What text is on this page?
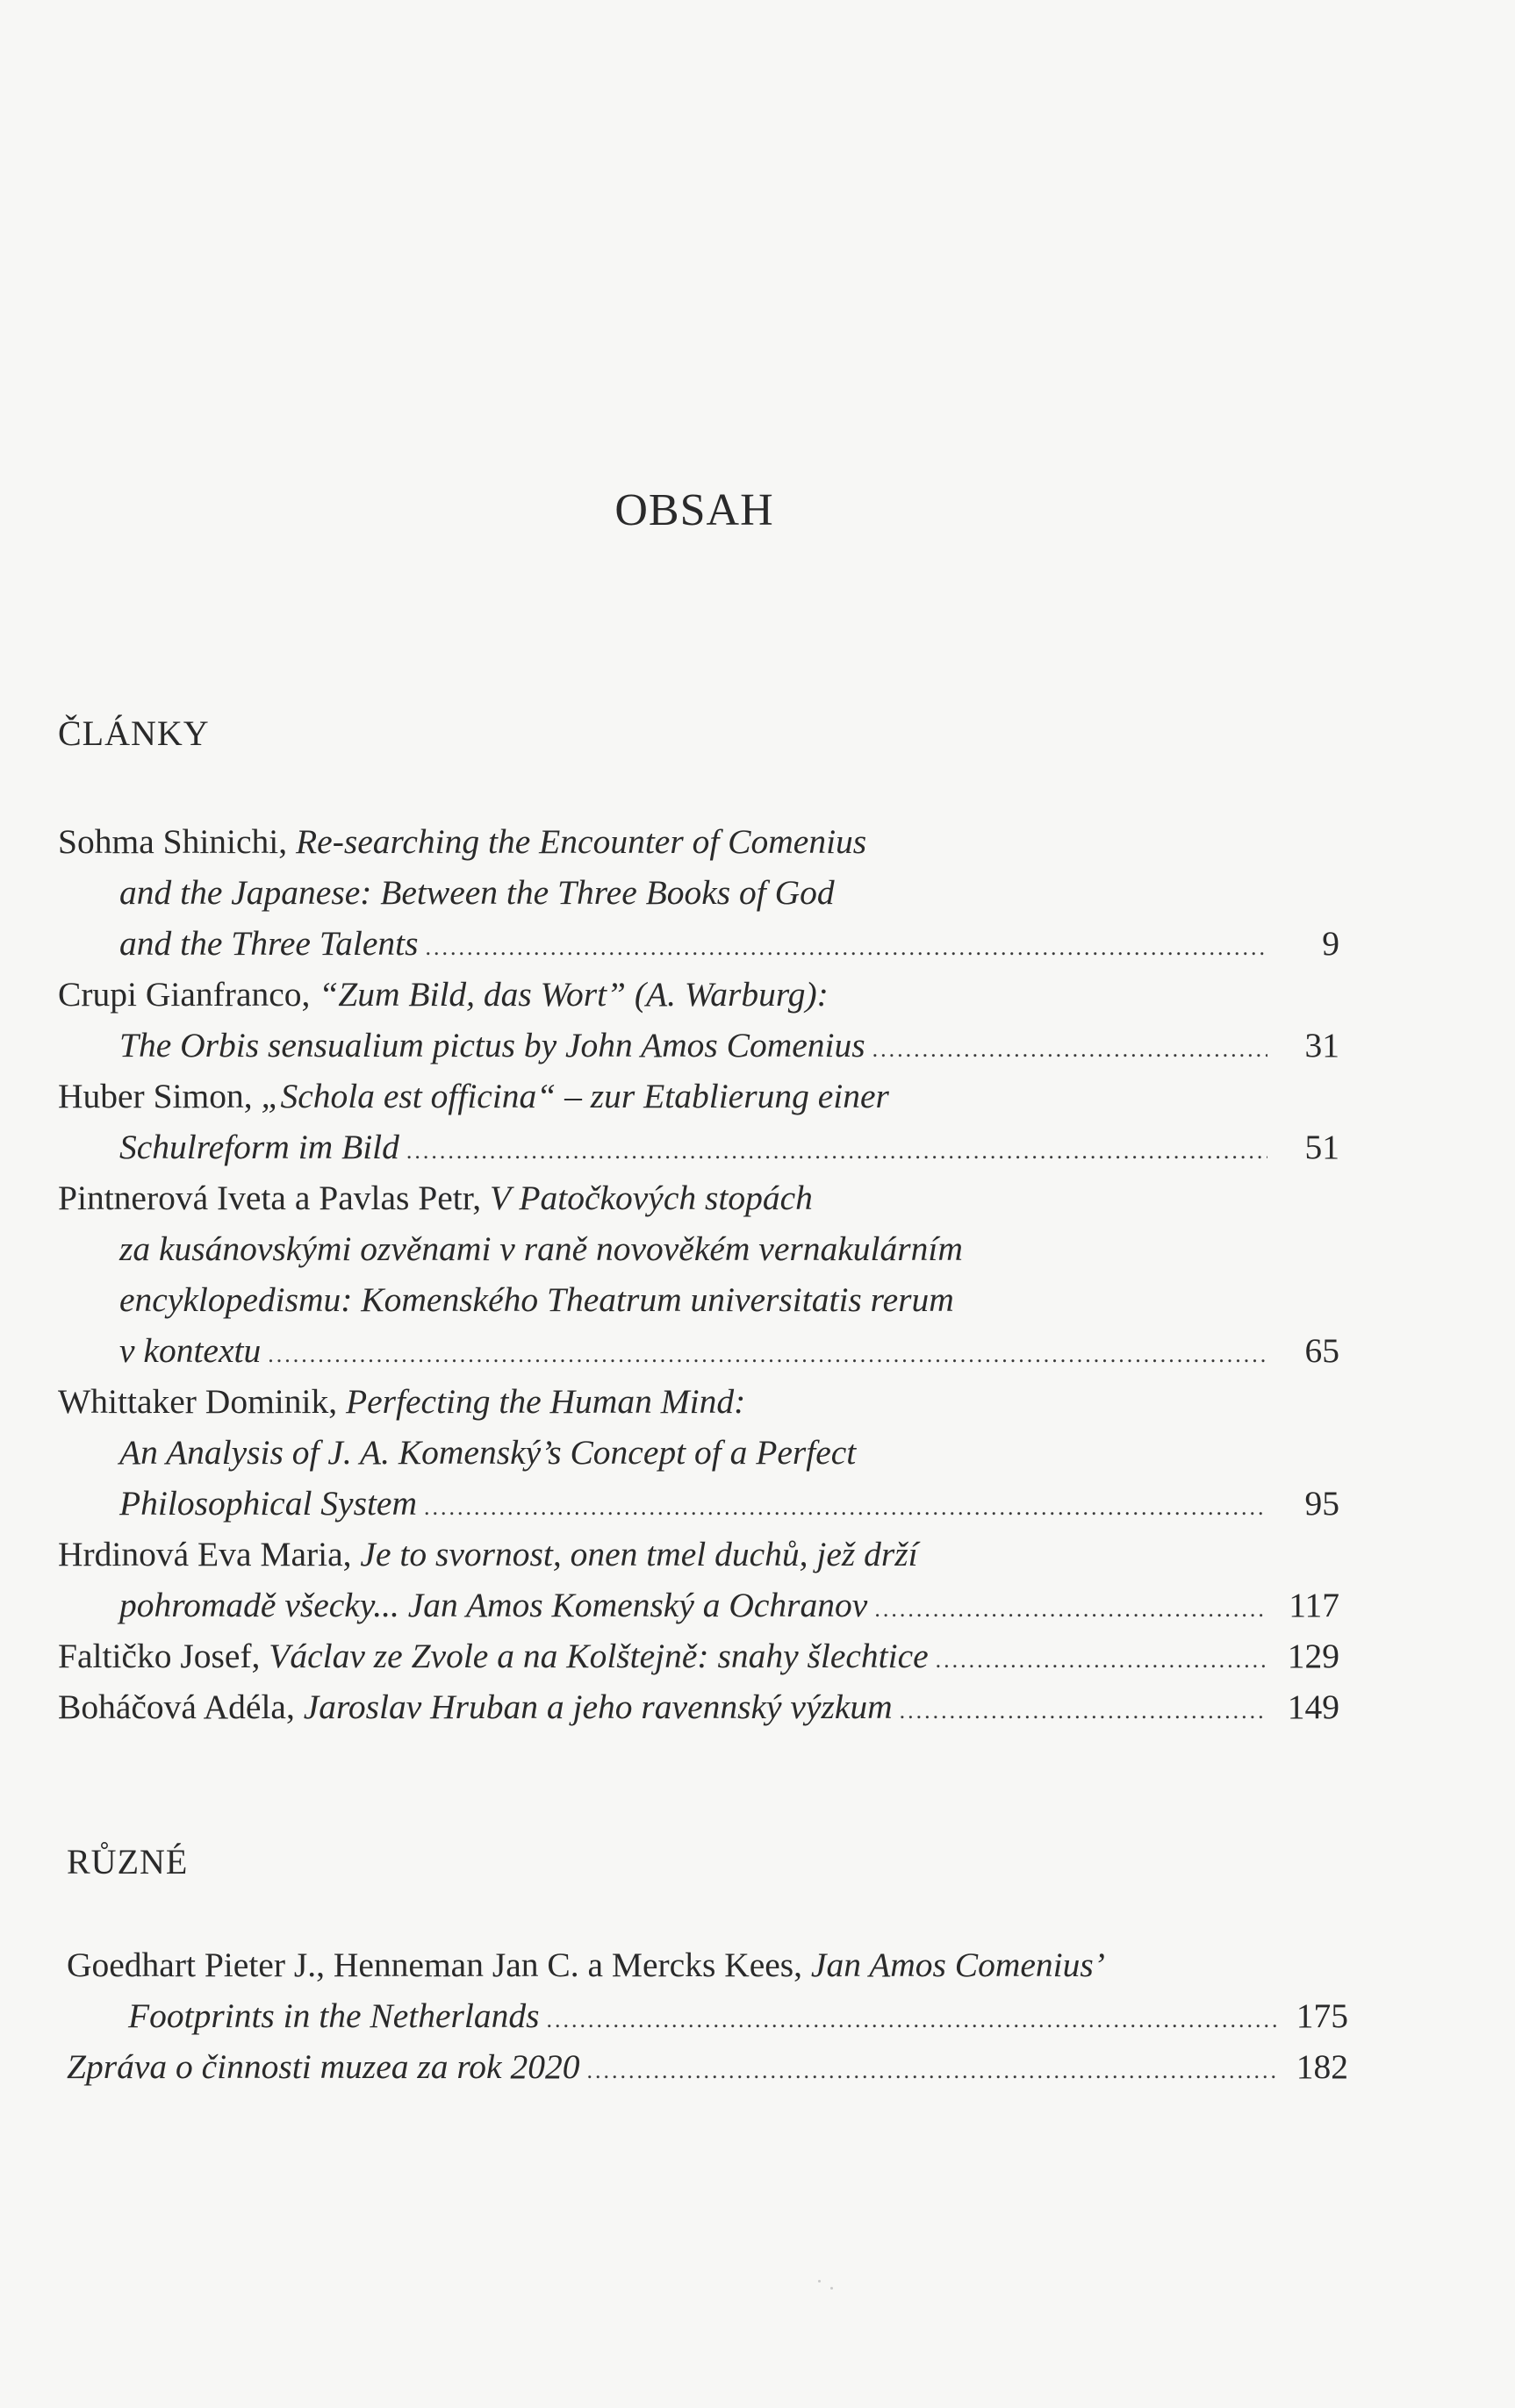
OBSAH
ČLÁNKY
Sohma Shinichi, Re-searching the Encounter of Comenius
and the Japanese: Between the Three Books of God
and the Three Talents .....	9
Crupi Gianfranco, “Zum Bild, das Wort” (A. Warburg):
The Orbis sensualium pictus by John Amos Comenius .....	31
Huber Simon, „Schola est officina“ – zur Etablierung einer
Schulreform im Bild .....	51
Pintnerová Iveta a Pavlas Petr, V Patočkových stopách
za kusánovskými ozvěnami v raně novověkém vernakulárním
encyklopedismu: Komenského Theatrum universitatis rerum
v kontextu .....	65
Whittaker Dominik, Perfecting the Human Mind:
An Analysis of J. A. Komenský’s Concept of a Perfect
Philosophical System .....	95
Hrdinová Eva Maria, Je to svornost, onen tmel duchů, jež drží
pohromadě všecky... Jan Amos Komenský a Ochranov .....	117
Faltičko Josef, Václav ze Zvole a na Kolštejně: snahy šlechtice .....	129
Boháčová Adéla, Jaroslav Hruban a jeho ravennský výzkum .....	149
RŮZNÉ
Goedhart Pieter J., Henneman Jan C. a Mercks Kees, Jan Amos Comenius’
Footprints in the Netherlands .....	175
Zpráva o činnosti muzea za rok 2020 .....	182
